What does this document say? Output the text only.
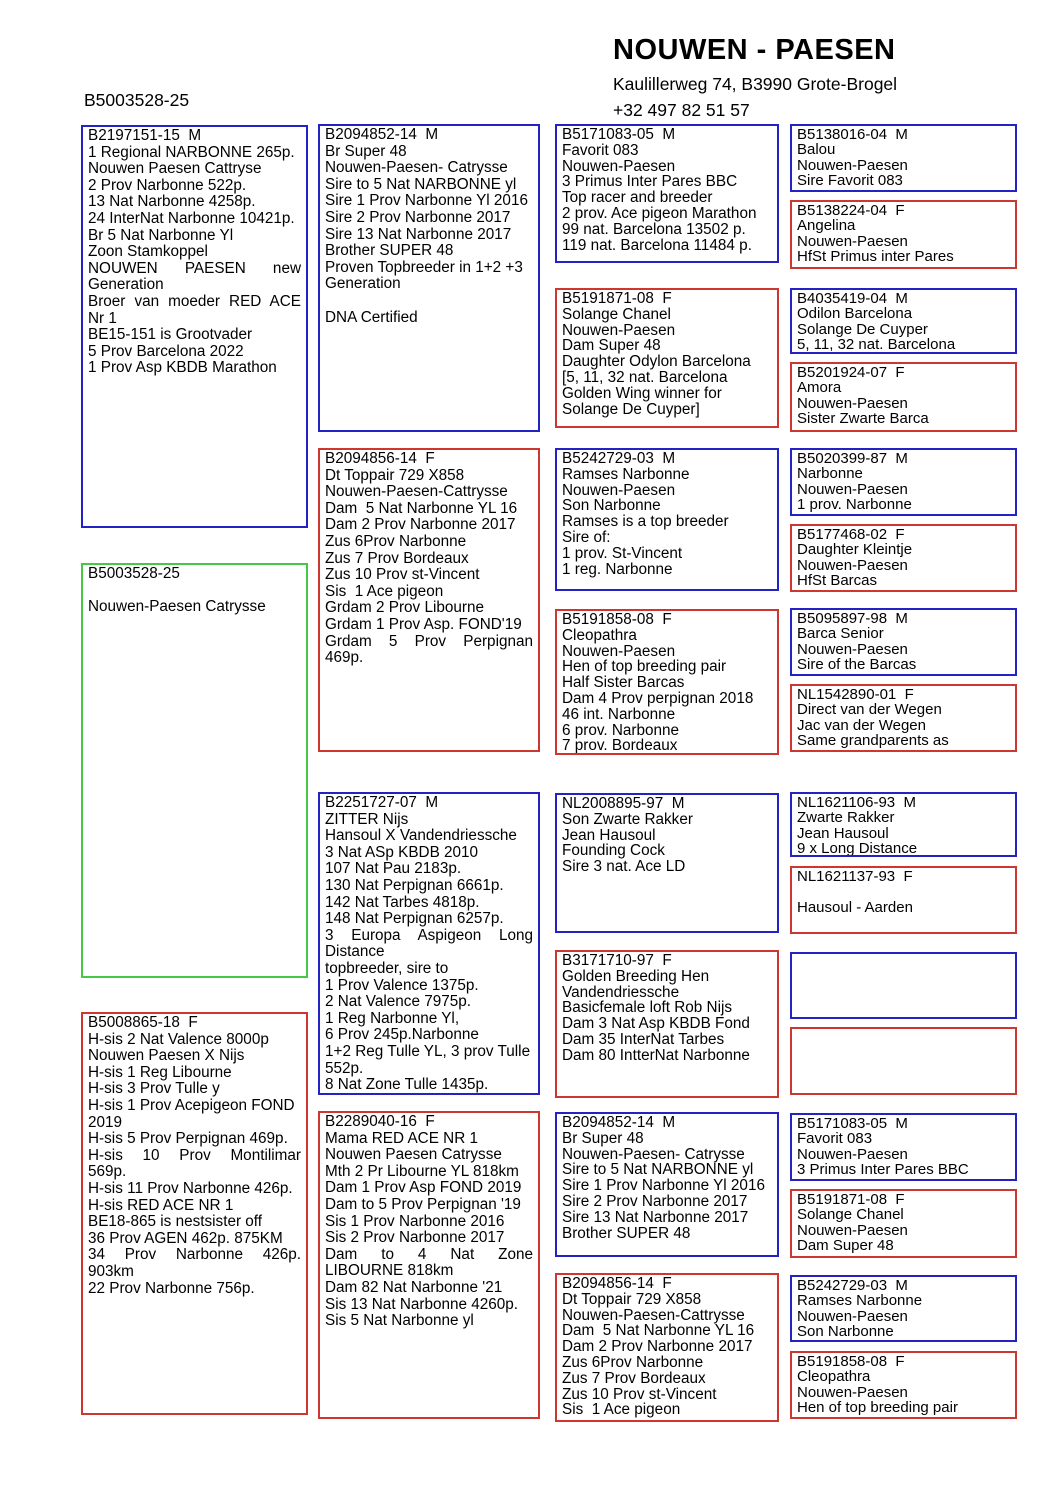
B5003528-25
NOUWEN - PAESEN
Kaulillerweg 74, B3990 Grote-Brogel
+32 497 82 51 57
B5003528-25

Nouwen-Paesen Catrysse
B2197151-15  M
1 Regional NARBONNE 265p.
Nouwen Paesen Cattryse
2 Prov Narbonne 522p.
13 Nat Narbonne 4258p.
24 InterNat Narbonne 10421p.
Br 5 Nat Narbonne Yl
Zoon Stamkoppel
NOUWEN PAESEN new
Generation
Broer van moeder RED ACE
Nr 1
BE15-151 is Grootvader
5 Prov Barcelona 2022
1 Prov Asp KBDB Marathon
B5008865-18  F
H-sis 2 Nat Valence 8000p
Nouwen Paesen X Nijs
H-sis 1 Reg Libourne
H-sis 3 Prov Tulle y
H-sis 1 Prov Acepigeon FOND
2019
H-sis 5 Prov Perpignan 469p.
H-sis 10 Prov Montilimar
569p.
H-sis 11 Prov Narbonne 426p.
H-sis RED ACE NR 1
BE18-865 is nestsister off
36 Prov AGEN 462p. 875KM
34 Prov Narbonne 426p.
903km
22 Prov Narbonne 756p.
B2094852-14  M
Br Super 48
Nouwen-Paesen- Catrysse
Sire to 5 Nat NARBONNE yl
Sire 1 Prov Narbonne Yl 2016
Sire 2 Prov Narbonne 2017
Sire 13 Nat Narbonne 2017
Brother SUPER 48
Proven Topbreeder in 1+2 +3
Generation

DNA Certified
B2094856-14  F
Dt Toppair 729 X858
Nouwen-Paesen-Cattrysse
Dam  5 Nat Narbonne YL 16
Dam 2 Prov Narbonne 2017
Zus 6Prov Narbonne
Zus 7 Prov Bordeaux
Zus 10 Prov st-Vincent
Sis  1 Ace pigeon
Grdam 2 Prov Libourne
Grdam 1 Prov Asp. FOND'19
Grdam 5 Prov Perpignan
469p.
B2251727-07  M
ZITTER Nijs
Hansoul X Vandendriessche
3 Nat ASp KBDB 2010
107 Nat Pau 2183p.
130 Nat Perpignan 6661p.
142 Nat Tarbes 4818p.
148 Nat Perpignan 6257p.
3 Europa Aspigeon Long
Distance
topbreeder, sire to
1 Prov Valence 1375p.
2 Nat Valence 7975p.
1 Reg Narbonne Yl,
6 Prov 245p.Narbonne
1+2 Reg Tulle YL, 3 prov Tulle
552p.
8 Nat Zone Tulle 1435p.
B2289040-16  F
Mama RED ACE NR 1
Nouwen Paesen Catrysse
Mth 2 Pr Libourne YL 818km
Dam 1 Prov Asp FOND 2019
Dam to 5 Prov Perpignan '19
Sis 1 Prov Narbonne 2016
Sis 2 Prov Narbonne 2017
Dam to 4 Nat Zone
LIBOURNE 818km
Dam 82 Nat Narbonne '21
Sis 13 Nat Narbonne 4260p.
Sis 5 Nat Narbonne yl
B5171083-05  M
Favorit 083
Nouwen-Paesen
3 Primus Inter Pares BBC
Top racer and breeder
2 prov. Ace pigeon Marathon
99 nat. Barcelona 13502 p.
119 nat. Barcelona 11484 p.
B5191871-08  F
Solange Chanel
Nouwen-Paesen
Dam Super 48
Daughter Odylon Barcelona
[5, 11, 32 nat. Barcelona
Golden Wing winner for
Solange De Cuyper]
B5242729-03  M
Ramses Narbonne
Nouwen-Paesen
Son Narbonne
Ramses is a top breeder
Sire of:
1 prov. St-Vincent
1 reg. Narbonne
B5191858-08  F
Cleopathra
Nouwen-Paesen
Hen of top breeding pair
Half Sister Barcas
Dam 4 Prov perpignan 2018
46 int. Narbonne
6 prov. Narbonne
7 prov. Bordeaux
NL2008895-97  M
Son Zwarte Rakker
Jean Hausoul
Founding Cock
Sire 3 nat. Ace LD
B3171710-97  F
Golden Breeding Hen
Vandendriessche
Basicfemale loft Rob Nijs
Dam 3 Nat Asp KBDB Fond
Dam 35 InterNat Tarbes
Dam 80 IntterNat Narbonne
B2094852-14  M
Br Super 48
Nouwen-Paesen- Catrysse
Sire to 5 Nat NARBONNE yl
Sire 1 Prov Narbonne Yl 2016
Sire 2 Prov Narbonne 2017
Sire 13 Nat Narbonne 2017
Brother SUPER 48
B2094856-14  F
Dt Toppair 729 X858
Nouwen-Paesen-Cattrysse
Dam  5 Nat Narbonne YL 16
Dam 2 Prov Narbonne 2017
Zus 6Prov Narbonne
Zus 7 Prov Bordeaux
Zus 10 Prov st-Vincent
Sis  1 Ace pigeon
B5138016-04  M
Balou
Nouwen-Paesen
Sire Favorit 083
B5138224-04  F
Angelina
Nouwen-Paesen
HfSt Primus inter Pares
B4035419-04  M
Odilon Barcelona
Solange De Cuyper
5, 11, 32 nat. Barcelona
B5201924-07  F
Amora
Nouwen-Paesen
Sister Zwarte Barca
B5020399-87  M
Narbonne
Nouwen-Paesen
1 prov. Narbonne
B5177468-02  F
Daughter Kleintje
Nouwen-Paesen
HfSt Barcas
B5095897-98  M
Barca Senior
Nouwen-Paesen
Sire of the Barcas
NL1542890-01  F
Direct van der Wegen
Jac van der Wegen
Same grandparents as
NL1621106-93  M
Zwarte Rakker
Jean Hausoul
9 x Long Distance
NL1621137-93  F

Hausoul - Aarden
B5171083-05  M
Favorit 083
Nouwen-Paesen
3 Primus Inter Pares BBC
B5191871-08  F
Solange Chanel
Nouwen-Paesen
Dam Super 48
B5242729-03  M
Ramses Narbonne
Nouwen-Paesen
Son Narbonne
B5191858-08  F
Cleopathra
Nouwen-Paesen
Hen of top breeding pair
